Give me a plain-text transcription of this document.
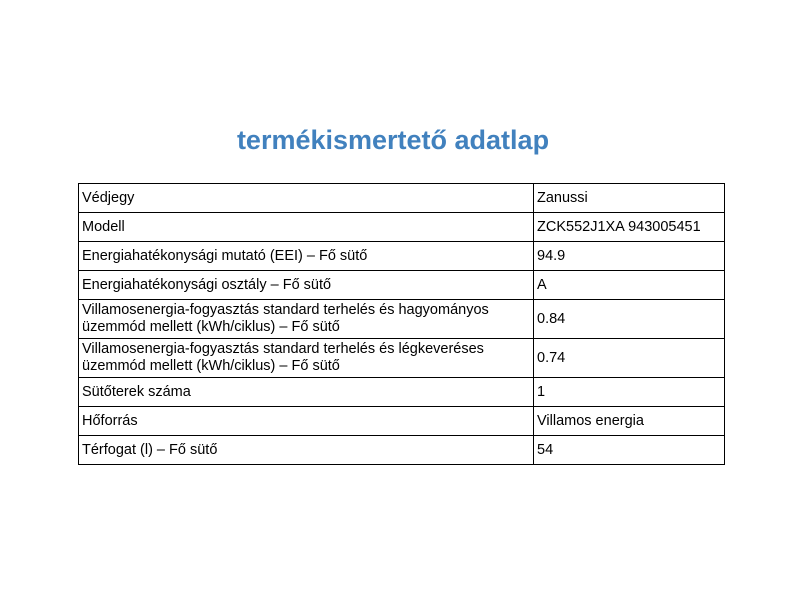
termékismertető adatlap
Védjegy	Zanussi
Modell	ZCK552J1XA 943005451
Energiahatékonysági mutató (EEI) – Fő sütő	94.9
Energiahatékonysági osztály – Fő sütő	A
Villamosenergia-fogyasztás standard terhelés és hagyományos üzemmód mellett (kWh/ciklus) – Fő sütő	0.84
Villamosenergia-fogyasztás standard terhelés és légkeveréses üzemmód mellett (kWh/ciklus) – Fő sütő	0.74
Sütőterek száma	1
Hőforrás	Villamos energia
Térfogat (l) – Fő sütő	54
